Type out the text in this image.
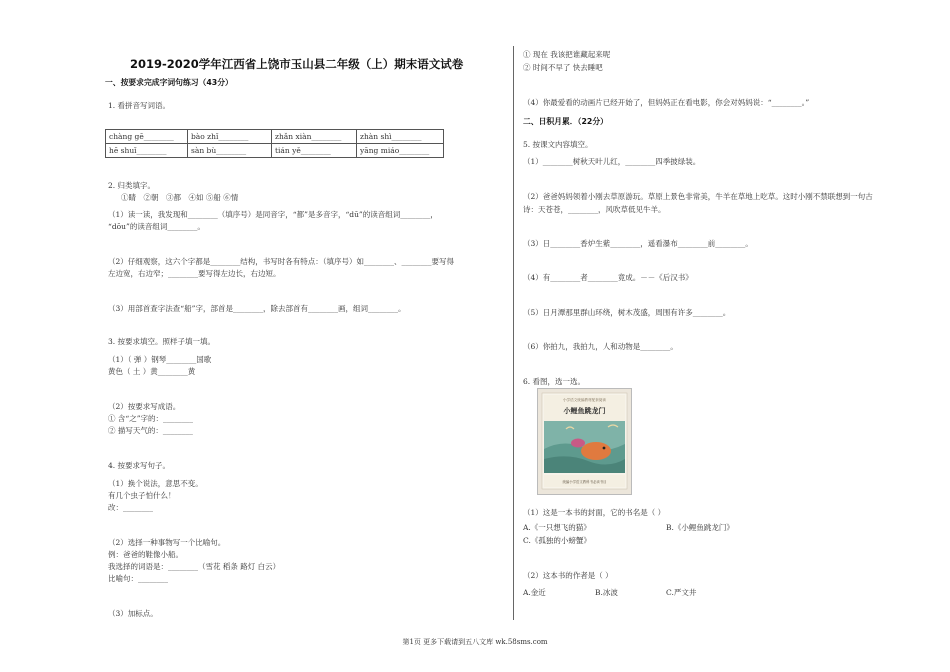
2019-2020学年江西省上饶市玉山县二年级（上）期末语文试卷
一、按要求完成字词句练习（43分）
1. 看拼音写词语。
chàng gē________	bào zhǐ________	zhǎn xiàn________	zhàn shì________
hē shuǐ________	sàn bù________	tián yě________	yāng miáo________
2. 归类填字。
①睛　②朝　③都　④如 ⑤船 ⑥情
（1）读一读，我发现和________（填序号）是同音字，“都”是多音字，“dū”的读音组词________，
“dōu”的读音组词________。
（2）仔细观察，这六个字都是________结构，书写时各有特点：（填序号）如________、________要写得
左边宽，右边窄；________要写得左边长，右边短。
（3）用部首查字法查“船”字，部首是________，除去部首有________画，组词________。
3. 按要求填空。照样子填一填。
（1）（ 弹 ）钢琴________国歌
黄色（ 土 ）黄________黄
（2）按要求写成语。
① 含“之”字的：________
② 描写天气的：________
4. 按要求写句子。
（1）换个说法，意思不变。
有几个虫子怕什么！
改：________
（2）选择一种事物写一个比喻句。
例：爸爸的鞋像小船。
我选择的词语是：________（雪花 稻条 路灯 白云）
比喻句：________
（3）加标点。
① 现在 我该把谁藏起来呢
② 时间不早了 快去睡吧
（4）你最爱看的动画片已经开始了，但妈妈正在看电影，你会对妈妈说：“________。”
二、日积月累．（22分）
5. 按课文内容填空。
（1）________树秋天叶儿红，________四季披绿装。
（2）爸爸妈妈领着小刚去草原游玩。草原上景色非常美，牛羊在草地上吃草。这时小刚不禁联想到一句古
诗：天苍苍，________，风吹草低见牛羊。
（3）日________香炉生紫________，遥看瀑布________前________。
（4）有________者________竟成。－－《后汉书》
（5）日月潭那里群山环绕，树木茂盛，周围有许多________。
（6）你拍九，我拍九，人和动物是________。
6. 看图，选一选。
小学语文统编教材配套阅读
小鲤鱼跳龙门
统编小学语文教科书必读书目
（1）这是一本书的封面，它的书名是（ ）
A.《一只想飞的猫》	B.《小鲤鱼跳龙门》
C.《孤独的小螃蟹》
（2）这本书的作者是（ ）
A.金近	B.冰波	C.严文井
第1页 更多下载请到五八文库 wk.58sms.com
